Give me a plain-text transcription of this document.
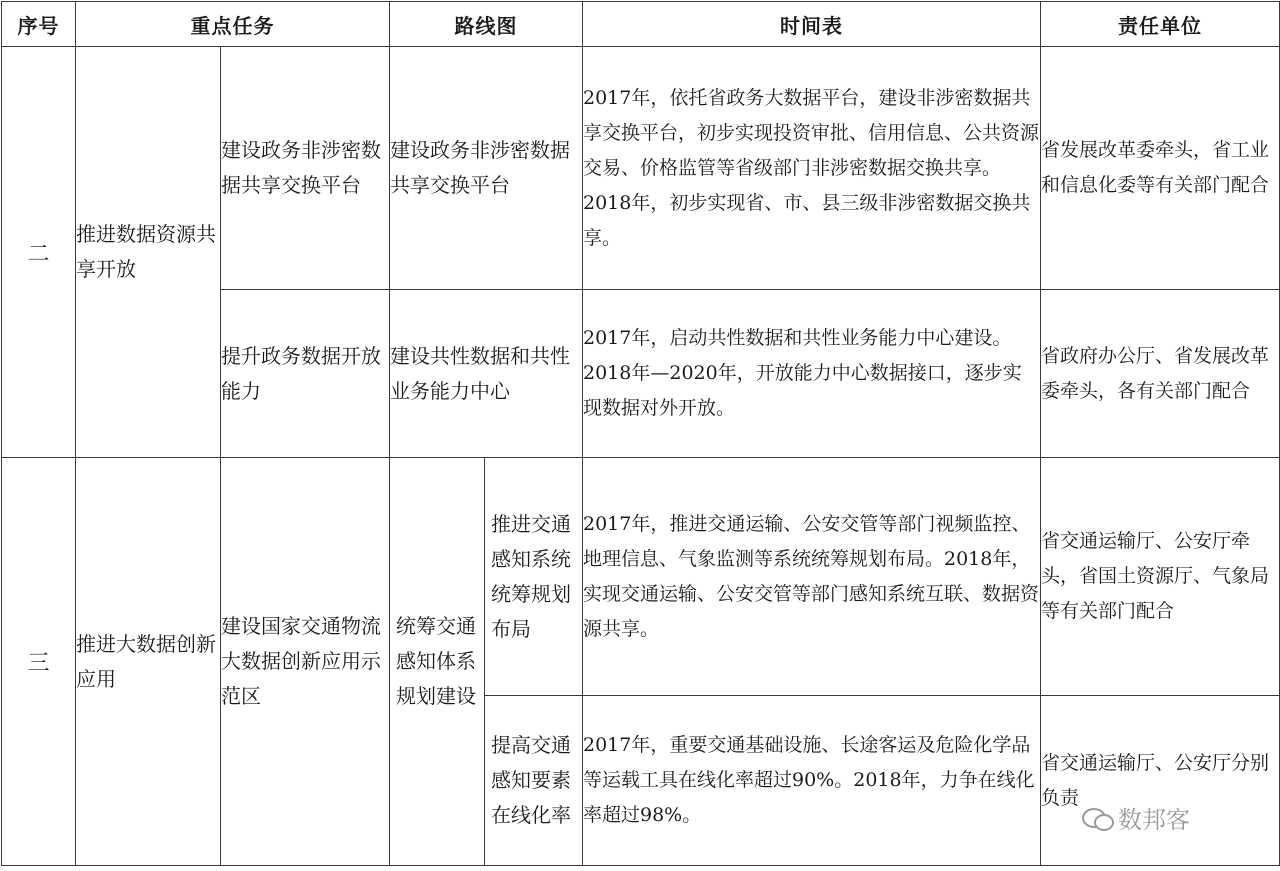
序号	重点任务		路线图		时间表	责任单位
二	推进数据资源共享开放	建设政务非涉密数据共享交换平台	建设政务非涉密数据共享交换平台		2017年，依托省政务大数据平台，建设非涉密数据共享交换平台，初步实现投资审批、信用信息、公共资源交易、价格监管等省级部门非涉密数据交换共享。2018年，初步实现省、市、县三级非涉密数据交换共享。	省发展改革委牵头，省工业和信息化委等有关部门配合
		提升政务数据开放能力	建设共性数据和共性业务能力中心		2017年，启动共性数据和共性业务能力中心建设。2018年—2020年，开放能力中心数据接口，逐步实现数据对外开放。	省政府办公厅、省发展改革委牵头，各有关部门配合
三	推进大数据创新应用	建设国家交通物流大数据创新应用示范区	统筹交通感知体系规划建设	推进交通感知系统统筹规划布局	2017年，推进交通运输、公安交管等部门视频监控、地理信息、气象监测等系统统筹规划布局。2018年，实现交通运输、公安交管等部门感知系统互联、数据资源共享。	省交通运输厅、公安厅牵头，省国土资源厅、气象局等有关部门配合
				提高交通感知要素在线化率	2017年，重要交通基础设施、长途客运及危险化学品等运载工具在线化率超过90%。2018年，力争在线化率超过98%。	省交通运输厅、公安厅分别负责
数邦客
